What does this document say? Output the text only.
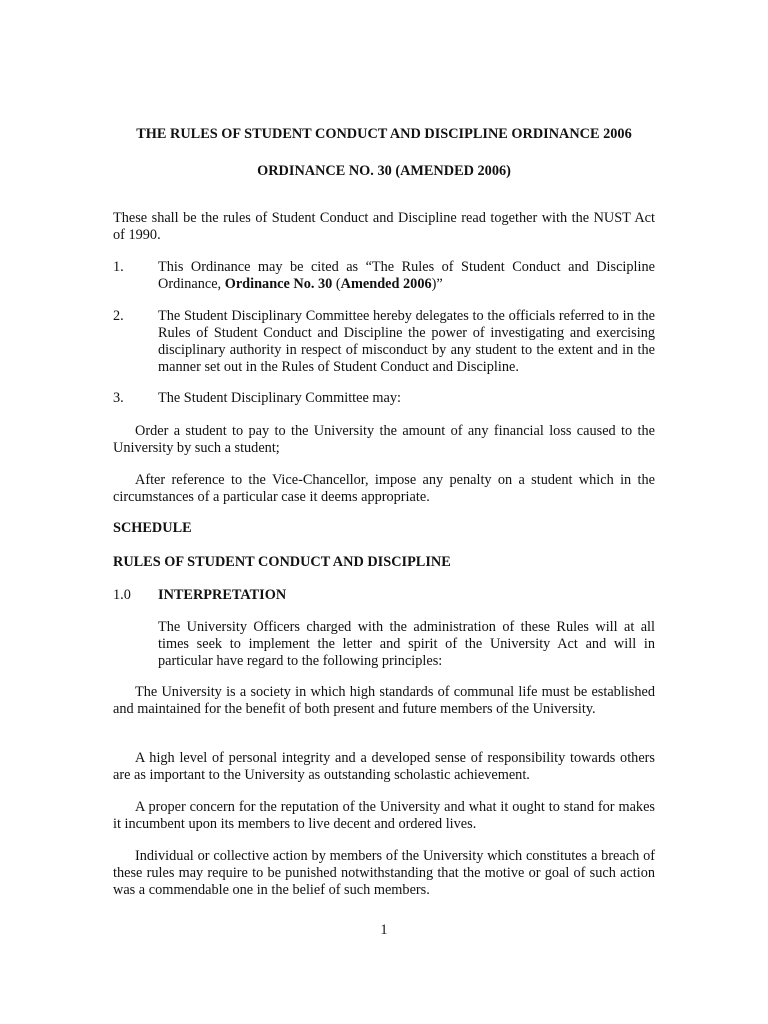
THE RULES OF STUDENT CONDUCT AND DISCIPLINE ORDINANCE 2006

ORDINANCE NO. 30 (AMENDED 2006)

These shall be the rules of Student Conduct and Discipline read together with the NUST Act of 1990.

1. This Ordinance may be cited as “The Rules of Student Conduct and Discipline Ordinance, Ordinance No. 30 (Amended 2006)”
2. The Student Disciplinary Committee hereby delegates to the officials referred to in the Rules of Student Conduct and Discipline the power of investigating and exercising disciplinary authority in respect of misconduct by any student to the extent and in the manner set out in the Rules of Student Conduct and Discipline.
3. The Student Disciplinary Committee may:

Order a student to pay to the University the amount of any financial loss caused to the University by such a student;

After reference to the Vice-Chancellor, impose any penalty on a student which in the circumstances of a particular case it deems appropriate.

SCHEDULE

RULES OF STUDENT CONDUCT AND DISCIPLINE

1.0 INTERPRETATION
The University Officers charged with the administration of these Rules will at all times seek to implement the letter and spirit of the University Act and will in particular have regard to the following principles:

The University is a society in which high standards of communal life must be established and maintained for the benefit of both present and future members of the University.

A high level of personal integrity and a developed sense of responsibility towards others are as important to the University as outstanding scholastic achievement.

A proper concern for the reputation of the University and what it ought to stand for makes it incumbent upon its members to live decent and ordered lives.

Individual or collective action by members of the University which constitutes a breach of these rules may require to be punished notwithstanding that the motive or goal of such action was a commendable one in the belief of such members.

1
